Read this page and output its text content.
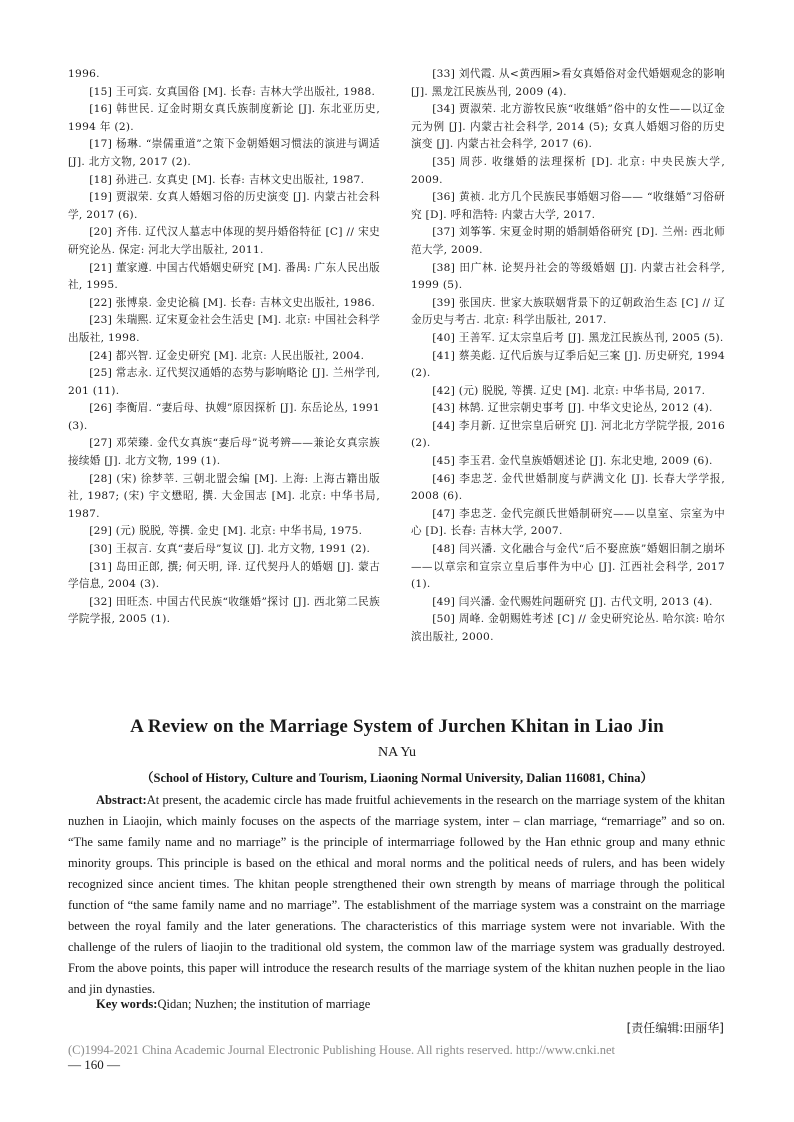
1996.
[15] 王可宾. 女真国俗 [M]. 长春: 吉林大学出版社, 1988.
[16] 韩世民. 辽金时期女真氏族制度新论 [J]. 东北亚历史, 1994 年 (2).
[17] 杨琳. “崇儒重道”之策下金朝婚姻习惯法的演进与调适 [J]. 北方文物, 2017 (2).
[18] 孙进己. 女真史 [M]. 长春: 吉林文史出版社, 1987.
[19] 贾淑荣. 女真人婚姻习俗的历史演变 [J]. 内蒙古社会科学, 2017 (6).
[20] 齐伟. 辽代汉人墓志中体现的契丹婚俗特征 [C] // 宋史研究论丛. 保定: 河北大学出版社, 2011.
[21] 董家遵. 中国古代婚姻史研究 [M]. 番禺: 广东人民出版社, 1995.
[22] 张博泉. 金史论稿 [M]. 长春: 吉林文史出版社, 1986.
[23] 朱瑞熙. 辽宋夏金社会生活史 [M]. 北京: 中国社会科学出版社, 1998.
[24] 都兴智. 辽金史研究 [M]. 北京: 人民出版社, 2004.
[25] 常志永. 辽代契汉通婚的态势与影响略论 [J]. 兰州学刊, 201 (11).
[26] 李衡眉. “妻后母、执嫂”原因探析 [J]. 东岳论丛, 1991 (3).
[27] 邓荣臻. 金代女真族“妻后母”说考辨——兼论女真宗族接续婚 [J]. 北方文物, 199 (1).
[28] (宋) 徐梦莘. 三朝北盟会编 [M]. 上海: 上海古籍出版社, 1987; (宋) 宇文懋昭, 撰. 大金国志 [M]. 北京: 中华书局, 1987.
[29] (元) 脱脱, 等撰. 金史 [M]. 北京: 中华书局, 1975.
[30] 王叔言. 女真“妻后母”复议 [J]. 北方文物, 1991 (2).
[31] 岛田正郎, 撰; 何天明, 译. 辽代契丹人的婚姻 [J]. 蒙古学信息, 2004 (3).
[32] 田旺杰. 中国古代民族“收继婚”探讨 [J]. 西北第二民族学院学报, 2005 (1).
[33] 刘代霞. 从<黄西厢>看女真婚俗对金代婚姻观念的影响 [J]. 黑龙江民族丛刊, 2009 (4).
[34] 贾淑荣. 北方游牧民族“收继婚”俗中的女性——以辽金元为例 [J]. 内蒙古社会科学, 2014 (5); 女真人婚姻习俗的历史演变 [J]. 内蒙古社会科学, 2017 (6).
[35] 周莎. 收继婚的法理探析 [D]. 北京: 中央民族大学, 2009.
[36] 黄祯. 北方几个民族民事婚姻习俗—— “收继婚”习俗研究 [D]. 呼和浩特: 内蒙古大学, 2017.
[37] 刘筝筝. 宋夏金时期的婚制婚俗研究 [D]. 兰州: 西北师范大学, 2009.
[38] 田广林. 论契丹社会的等级婚姻 [J]. 内蒙古社会科学, 1999 (5).
[39] 张国庆. 世家大族联姻背景下的辽朝政治生态 [C] // 辽金历史与考古. 北京: 科学出版社, 2017.
[40] 王善军. 辽太宗皇后考 [J]. 黑龙江民族丛刊, 2005 (5).
[41] 蔡美彪. 辽代后族与辽季后妃三案 [J]. 历史研究, 1994 (2).
[42] (元) 脱脱, 等撰. 辽史 [M]. 北京: 中华书局, 2017.
[43] 林鹄. 辽世宗朝史事考 [J]. 中华文史论丛, 2012 (4).
[44] 李月新. 辽世宗皇后研究 [J]. 河北北方学院学报, 2016 (2).
[45] 李玉君. 金代皇族婚姻述论 [J]. 东北史地, 2009 (6).
[46] 李忠芝. 金代世婚制度与萨满文化 [J]. 长春大学学报, 2008 (6).
[47] 李忠芝. 金代完颜氏世婚制研究——以皇室、宗室为中心 [D]. 长春: 吉林大学, 2007.
[48] 闫兴潘. 文化融合与金代“后不娶庶族”婚姻旧制之崩坏——以章宗和宣宗立皇后事件为中心 [J]. 江西社会科学, 2017 (1).
[49] 闫兴潘. 金代赐姓问题研究 [J]. 古代文明, 2013 (4).
[50] 周峰. 金朝赐姓考述 [C] // 金史研究论丛. 哈尔滨: 哈尔滨出版社, 2000.
A Review on the Marriage System of Jurchen Khitan in Liao Jin
NA Yu
（School of History, Culture and Tourism, Liaoning Normal University, Dalian 116081, China）
Abstract:At present, the academic circle has made fruitful achievements in the research on the marriage system of the khitan nuzhen in Liaojin, which mainly focuses on the aspects of the marriage system, inter – clan marriage, “remarriage” and so on. “The same family name and no marriage” is the principle of intermarriage followed by the Han ethnic group and many ethnic minority groups. This principle is based on the ethical and moral norms and the political needs of rulers, and has been widely recognized since ancient times. The khitan people strengthened their own strength by means of marriage through the political function of “the same family name and no marriage”. The establishment of the marriage system was a constraint on the marriage between the royal family and the later generations. The characteristics of this marriage system were not invariable. With the challenge of the rulers of liaojin to the traditional old system, the common law of the marriage system was gradually destroyed. From the above points, this paper will introduce the research results of the marriage system of the khitan nuzhen people in the liao and jin dynasties.
Key words:Qidan; Nuzhen; the institution of marriage
[责任编辑:田丽华]
(C)1994-2021 China Academic Journal Electronic Publishing House. All rights reserved. http://www.cnki.net
— 160 —
